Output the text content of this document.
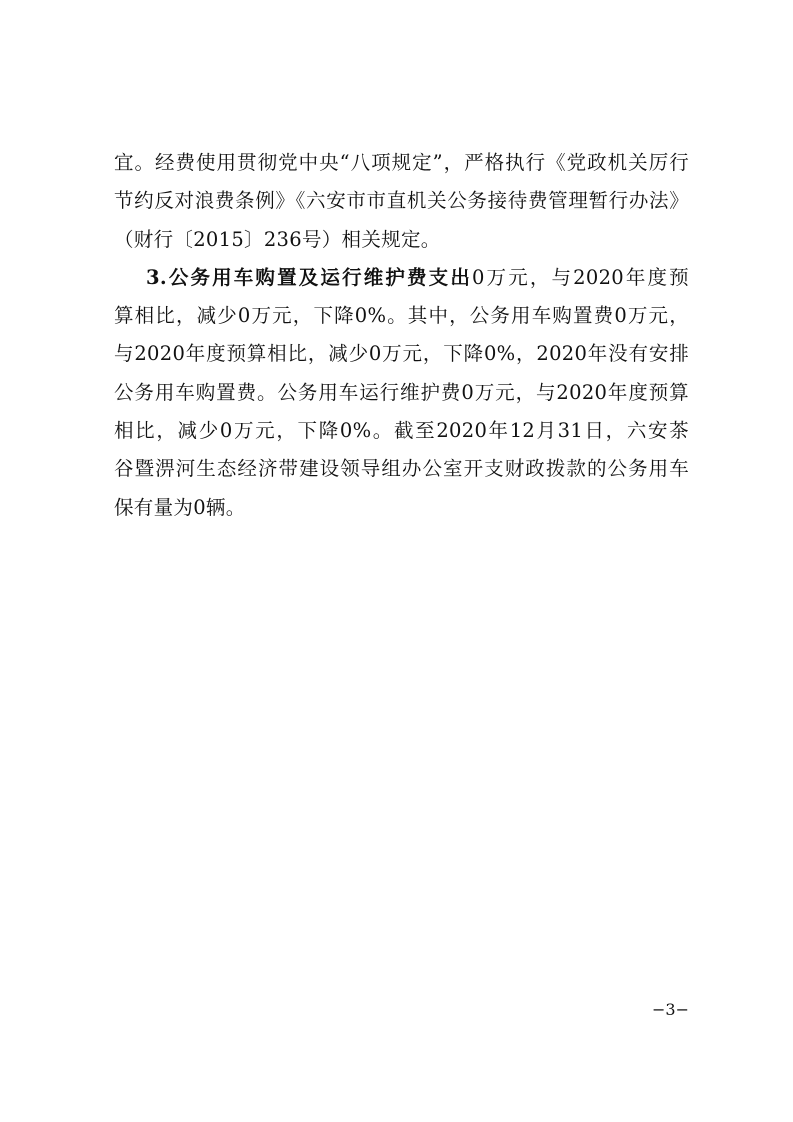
宜。经费使用贯彻党中央“八项规定”，严格执行《党政机关厉行
节约反对浪费条例》《六安市市直机关公务接待费管理暂行办法》
（财行〔2015〕236号）相关规定。
3.公务用车购置及运行维护费支出0万元，与2020年度预
算相比，减少0万元，下降0%。其中，公务用车购置费0万元，
与2020年度预算相比，减少0万元，下降0%，2020年没有安排
公务用车购置费。公务用车运行维护费0万元，与2020年度预算
相比，减少0万元，下降0%。截至2020年12月31日，六安茶
谷暨淠河生态经济带建设领导组办公室开支财政拨款的公务用车
保有量为0辆。
−3−
